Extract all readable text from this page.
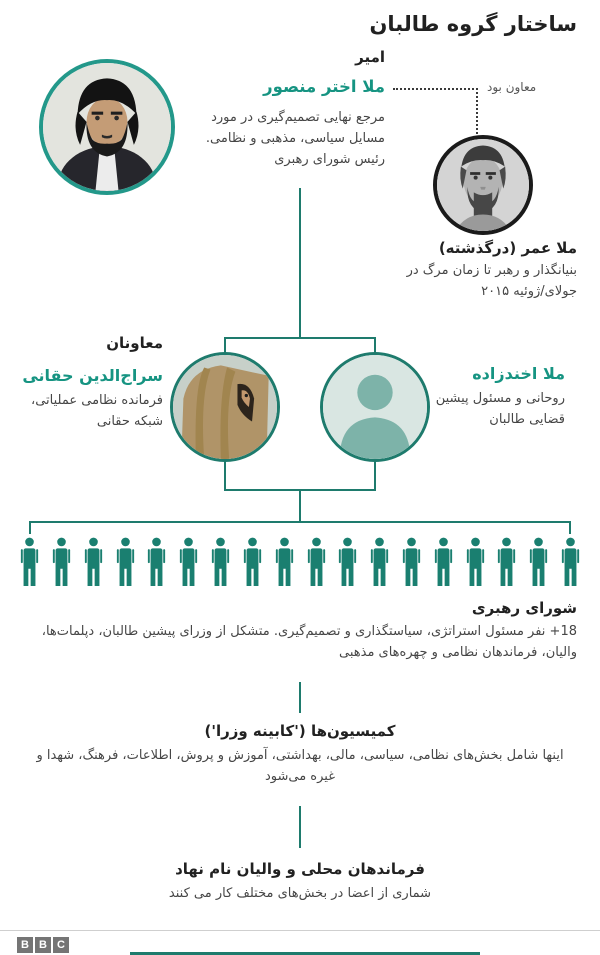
ساختار گروه طالبان
امیر
ملا اختر منصور
مرجع نهایی تصمیم‌گیری در مورد مسایل سیاسی، مذهبی و نظامی. رئیس شورای رهبری
معاون بود
ملا عمر (درگذشته)
بنیانگذار و رهبر تا زمان مرگ در جولای/ژوئیه ۲۰۱۵
معاونان
سراج‌الدین حقانی
فرمانده نظامی عملیاتی، شبکه حقانی
ملا اخندزاده
روحانی و مسئول پیشین قضایی طالبان
شورای رهبری
18+ نفر مسئول استراتژی، سیاستگذاری و تصمیم‌گیری. متشکل از وزرای پیشین طالبان، دپلمات‌ها، والیان، فرماندهان نظامی و چهره‌های مذهبی
کمیسیون‌ها ('کابینه وزرا')
اینها شامل بخش‌های نظامی، سیاسی، مالی، بهداشتی، آموزش و پروش، اطلاعات، فرهنگ، شهدا و غیره می‌شود
فرماندهان محلی و والیان نام نهاد
شماری از اعضا در بخش‌های مختلف کار می کنند
B B C
